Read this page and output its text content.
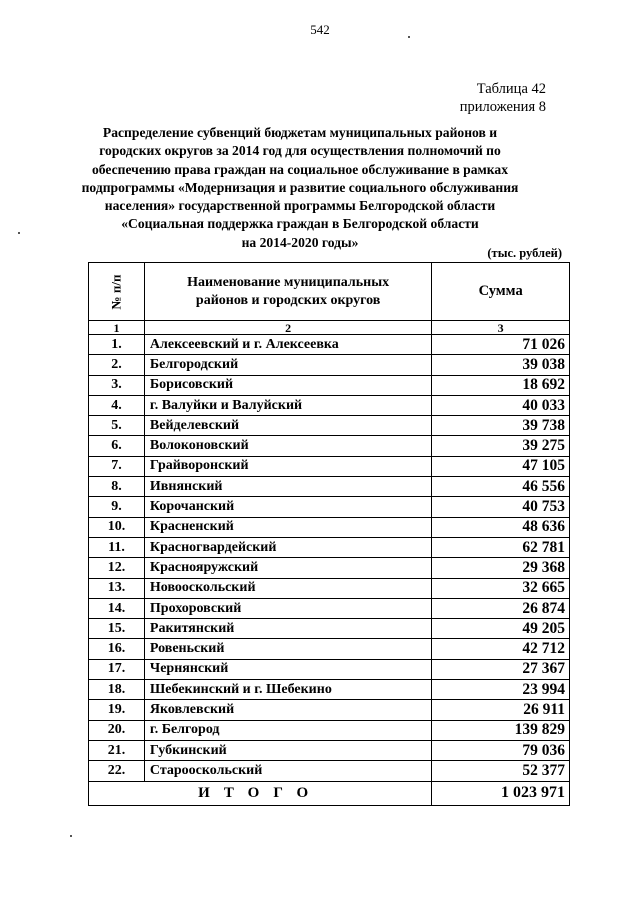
542
Таблица 42
приложения 8
Распределение субвенций бюджетам муниципальных районов и
городских округов за 2014 год для осуществления полномочий по
обеспечению права граждан на социальное обслуживание в рамках
подпрограммы «Модернизация и развитие социального обслуживания
населения» государственной программы Белгородской области
«Социальная поддержка граждан в Белгородской области
на 2014-2020 годы»
(тыс. рублей)
№ п/п	Наименование муниципальных
районов и городских округов	Сумма
1	2	3
1.	Алексеевский и г. Алексеевка	71 026
2.	Белгородский	39 038
3.	Борисовский	18 692
4.	г. Валуйки и Валуйский	40 033
5.	Вейделевский	39 738
6.	Волоконовский	39 275
7.	Грайворонский	47 105
8.	Ивнянский	46 556
9.	Корочанский	40 753
10.	Красненский	48 636
11.	Красногвардейский	62 781
12.	Краснояружский	29 368
13.	Новооскольский	32 665
14.	Прохоровский	26 874
15.	Ракитянский	49 205
16.	Ровеньский	42 712
17.	Чернянский	27 367
18.	Шебекинский и г. Шебекино	23 994
19.	Яковлевский	26 911
20.	г. Белгород	139 829
21.	Губкинский	79 036
22.	Старооскольский	52 377
ИТОГО		1 023 971
